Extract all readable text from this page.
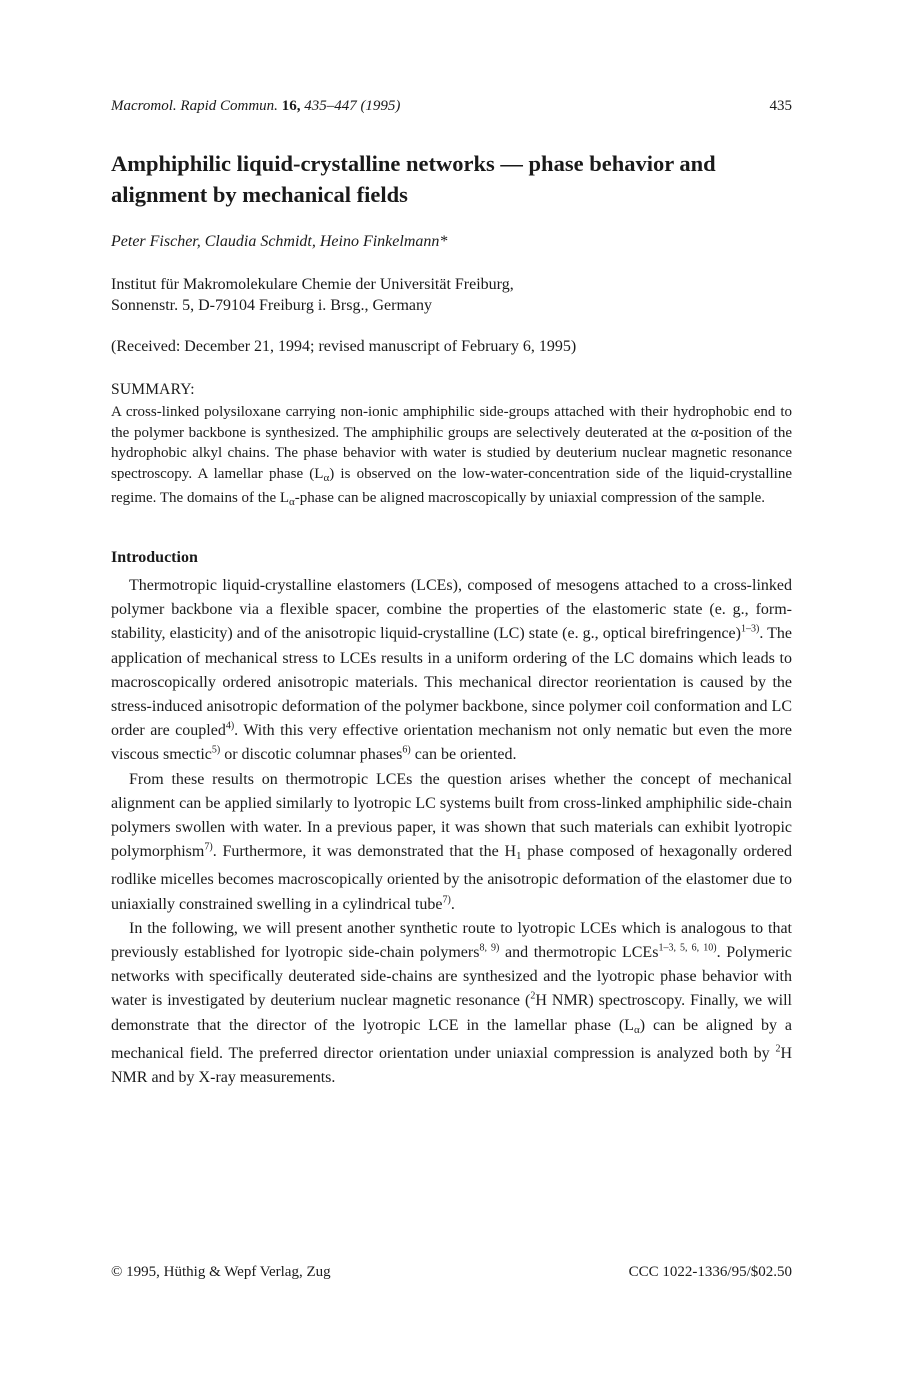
Macromol. Rapid Commun. 16, 435–447 (1995)	435
Amphiphilic liquid-crystalline networks — phase behavior and alignment by mechanical fields
Peter Fischer, Claudia Schmidt, Heino Finkelmann*
Institut für Makromolekulare Chemie der Universität Freiburg,
Sonnenstr. 5, D-79104 Freiburg i. Brsg., Germany
(Received: December 21, 1994; revised manuscript of February 6, 1995)
SUMMARY:

A cross-linked polysiloxane carrying non-ionic amphiphilic side-groups attached with their hydrophobic end to the polymer backbone is synthesized. The amphiphilic groups are selectively deuterated at the α-position of the hydrophobic alkyl chains. The phase behavior with water is studied by deuterium nuclear magnetic resonance spectroscopy. A lamellar phase $(L_\alpha)$ is observed on the low-water-concentration side of the liquid-crystalline regime. The domains of the $L_\alpha$-phase can be aligned macroscopically by uniaxial compression of the sample.

Introduction

Thermotropic liquid-crystalline elastomers (LCEs), composed of mesogens attached to a cross-linked polymer backbone via a flexible spacer, combine the properties of the elastomeric state (e. g., form-stability, elasticity) and of the anisotropic liquid-crystalline (LC) state (e. g., optical birefringence)$^{1-3)}$. The application of mechanical stress to LCEs results in a uniform ordering of the LC domains which leads to macroscopically ordered anisotropic materials. This mechanical director reorientation is caused by the stress-induced anisotropic deformation of the polymer backbone, since polymer coil conformation and LC order are coupled$^{4)}$. With this very effective orientation mechanism not only nematic but even the more viscous smectic$^{5)}$ or discotic columnar phases$^{6)}$ can be oriented.

From these results on thermotropic LCEs the question arises whether the concept of mechanical alignment can be applied similarly to lyotropic LC systems built from cross-linked amphiphilic side-chain polymers swollen with water. In a previous paper, it was shown that such materials can exhibit lyotropic polymorphism$^{7)}$. Furthermore, it was demonstrated that the $H_1$ phase composed of hexagonally ordered rodlike micelles becomes macroscopically oriented by the anisotropic deformation of the elastomer due to uniaxially constrained swelling in a cylindrical tube$^{7)}$.

In the following, we will present another synthetic route to lyotropic LCEs which is analogous to that previously established for lyotropic side-chain polymers$^{8, 9)}$ and thermotropic LCEs$^{1-3, 5, 6, 10)}$. Polymeric networks with specifically deuterated side-chains are synthesized and the lyotropic phase behavior with water is investigated by deuterium nuclear magnetic resonance ($^2$H NMR) spectroscopy. Finally, we will demonstrate that the director of the lyotropic LCE in the lamellar phase $(L_\alpha)$ can be aligned by a mechanical field. The preferred director orientation under uniaxial compression is analyzed both by $^2$H NMR and by X-ray measurements.

© 1995, Hüthig & Wepf Verlag, Zug	CCC 1022-1336/95/$02.50
